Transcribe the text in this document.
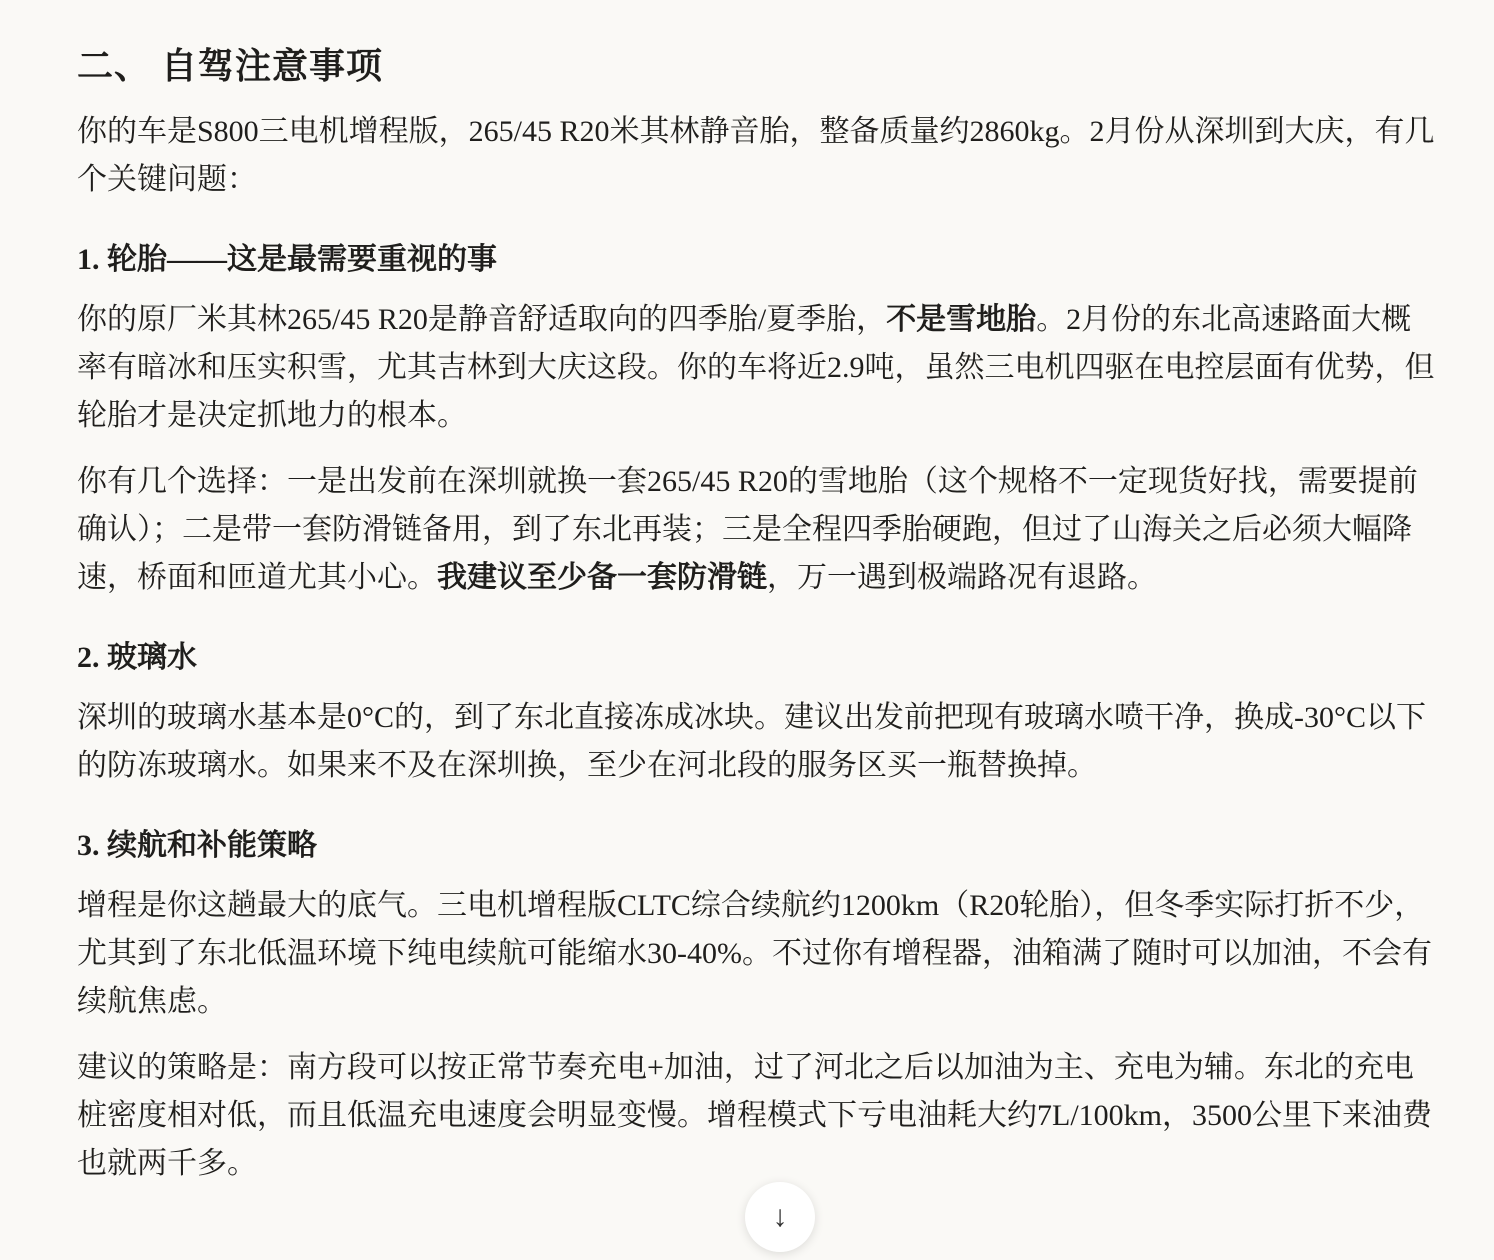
二、 自驾注意事项

你的车是S800三电机增程版，265/45 R20米其林静音胎，整备质量约2860kg。2月份从深圳到大庆，有几个关键问题：

1. 轮胎——这是最需要重视的事

你的原厂米其林265/45 R20是静音舒适取向的四季胎/夏季胎，不是雪地胎。2月份的东北高速路面大概率有暗冰和压实积雪，尤其吉林到大庆这段。你的车将近2.9吨，虽然三电机四驱在电控层面有优势，但轮胎才是决定抓地力的根本。

你有几个选择：一是出发前在深圳就换一套265/45 R20的雪地胎（这个规格不一定现货好找，需要提前确认）；二是带一套防滑链备用，到了东北再装；三是全程四季胎硬跑，但过了山海关之后必须大幅降速，桥面和匝道尤其小心。我建议至少备一套防滑链，万一遇到极端路况有退路。

2. 玻璃水

深圳的玻璃水基本是0°C的，到了东北直接冻成冰块。建议出发前把现有玻璃水喷干净，换成-30°C以下的防冻玻璃水。如果来不及在深圳换，至少在河北段的服务区买一瓶替换掉。

3. 续航和补能策略

增程是你这趟最大的底气。三电机增程版CLTC综合续航约1200km（R20轮胎），但冬季实际打折不少，尤其到了东北低温环境下纯电续航可能缩水30-40%。不过你有增程器，油箱满了随时可以加油，不会有续航焦虑。

建议的策略是：南方段可以按正常节奏充电+加油，过了河北之后以加油为主、充电为辅。东北的充电桩密度相对低，而且低温充电速度会明显变慢。增程模式下亏电油耗大约7L/100km，3500公里下来油费也就两千多。

↓
